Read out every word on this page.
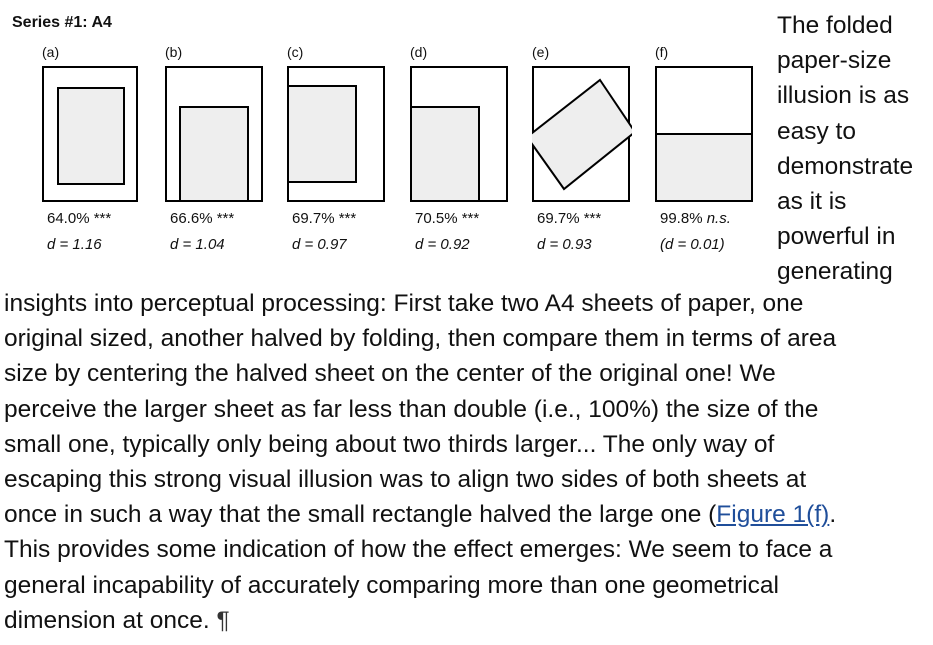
Series #1: A4
(a)
64.0% ***
d = 1.16
(b)
66.6% ***
d = 1.04
(c)
69.7% ***
d = 0.97
(d)
70.5% ***
d = 0.92
(e)
69.7% ***
d = 0.93
(f)
99.8% n.s.
(d = 0.01)
The folded
paper-size
illusion is as
easy to
demonstrate
as it is
powerful in
generating
insights into perceptual processing: First take two A4 sheets of paper, one
original sized, another halved by folding, then compare them in terms of area
size by centering the halved sheet on the center of the original one! We
perceive the larger sheet as far less than double (i.e., 100%) the size of the
small one, typically only being about two thirds larger... The only way of
escaping this strong visual illusion was to align two sides of both sheets at
once in such a way that the small rectangle halved the large one (Figure 1(f).
This provides some indication of how the effect emerges: We seem to face a
general incapability of accurately comparing more than one geometrical
dimension at once. ¶
